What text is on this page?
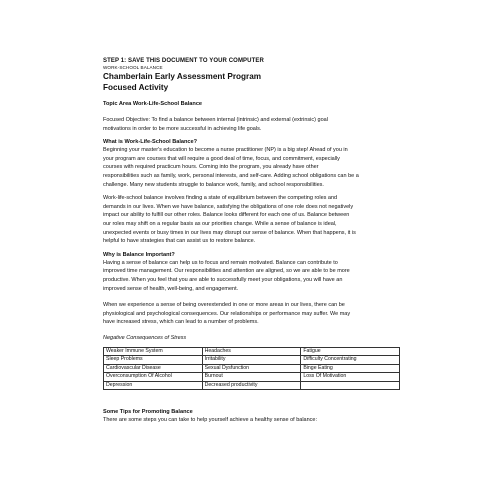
STEP 1: SAVE THIS DOCUMENT TO YOUR COMPUTER
WORK-SCHOOL BALANCE
Chamberlain Early Assessment Program
Focused Activity
Topic Area Work-Life-School Balance

Focused Objective: To find a balance between internal (intrinsic) and external (extrinsic) goal
motivations in order to be more successful in achieving life goals.

What is Work-Life-School Balance?

Beginning your master's education to become a nurse practitioner (NP) is a big step! Ahead of you in
your program are courses that will require a good deal of time, focus, and commitment, especially
courses with required practicum hours. Coming into the program, you already have other
responsibilities such as family, work, personal interests, and self-care. Adding school obligations can be a
challenge. Many new students struggle to balance work, family, and school responsibilities.

Work-life-school balance involves finding a state of equilibrium between the competing roles and
demands in our lives. When we have balance, satisfying the obligations of one role does not negatively
impact our ability to fulfill our other roles. Balance looks different for each one of us. Balance between
our roles may shift on a regular basis as our priorities change. While a sense of balance is ideal,
unexpected events or busy times in our lives may disrupt our sense of balance. When that happens, it is
helpful to have strategies that can assist us to restore balance.

Why is Balance Important?

Having a sense of balance can help us to focus and remain motivated. Balance can contribute to
improved time management. Our responsibilities and attention are aligned, so we are able to be more
productive. When you feel that you are able to successfully meet your obligations, you will have an
improved sense of health, well-being, and engagement.

When we experience a sense of being overextended in one or more areas in our lives, there can be
physiological and psychological consequences. Our relationships or performance may suffer. We may
have increased stress, which can lead to a number of problems.

Negative Consequences of Stress
Weaker Immune System	Headaches	Fatigue
Sleep Problems	Irritability	Difficulty Concentrating
Cardiovascular Disease	Sexual Dysfunction	Binge Eating
Overconsumption Of Alcohol	Burnout	Loss Of Motivation
Depression	Decreased productivity	
Some Tips for Promoting Balance

There are some steps you can take to help yourself achieve a healthy sense of balance:
